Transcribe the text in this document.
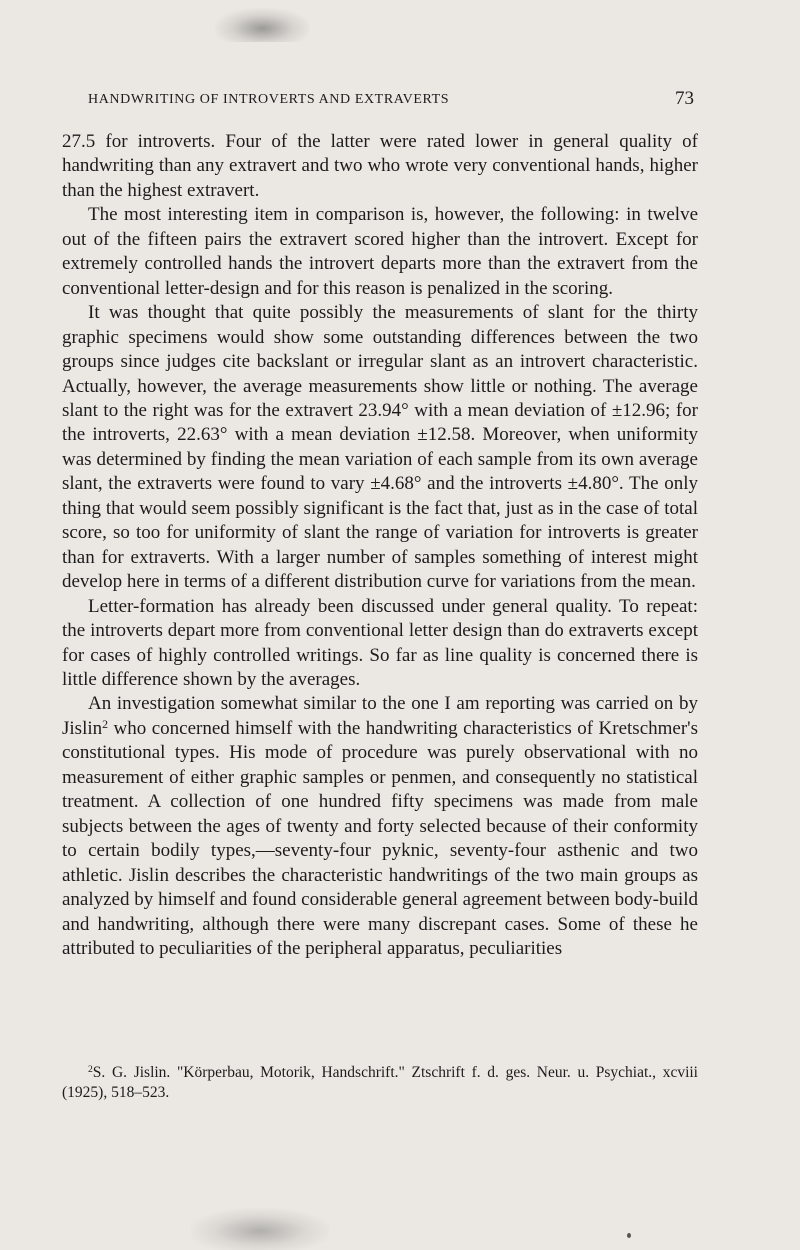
HANDWRITING OF INTROVERTS AND EXTRAVERTS	73

27.5 for introverts. Four of the latter were rated lower in general quality of handwriting than any extravert and two who wrote very conventional hands, higher than the highest extravert.

The most interesting item in comparison is, however, the following: in twelve out of the fifteen pairs the extravert scored higher than the introvert. Except for extremely controlled hands the introvert departs more than the extravert from the conventional letter-design and for this reason is penalized in the scoring.

It was thought that quite possibly the measurements of slant for the thirty graphic specimens would show some outstanding differences between the two groups since judges cite backslant or irregular slant as an introvert characteristic. Actually, however, the average measurements show little or nothing. The average slant to the right was for the extravert 23.94° with a mean deviation of ±12.96; for the introverts, 22.63° with a mean deviation ±12.58. Moreover, when uniformity was determined by finding the mean variation of each sample from its own average slant, the extraverts were found to vary ±4.68° and the introverts ±4.80°. The only thing that would seem possibly significant is the fact that, just as in the case of total score, so too for uniformity of slant the range of variation for introverts is greater than for extraverts. With a larger number of samples something of interest might develop here in terms of a different distribution curve for variations from the mean.

Letter-formation has already been discussed under general quality. To repeat: the introverts depart more from conventional letter design than do extraverts except for cases of highly controlled writings. So far as line quality is concerned there is little difference shown by the averages.

An investigation somewhat similar to the one I am reporting was carried on by Jislin$^2$ who concerned himself with the handwriting characteristics of Kretschmer's constitutional types. His mode of procedure was purely observational with no measurement of either graphic samples or penmen, and consequently no statistical treatment. A collection of one hundred fifty specimens was made from male subjects between the ages of twenty and forty selected because of their conformity to certain bodily types,—seventy-four pyknic, seventy-four asthenic and two athletic. Jislin describes the characteristic handwritings of the two main groups as analyzed by himself and found considerable general agreement between body-build and handwriting, although there were many discrepant cases. Some of these he attributed to peculiarities of the peripheral apparatus, peculiarities

$^2$S. G. Jislin. "Körperbau, Motorik, Handschrift." Ztschrift f. d. ges. Neur. u. Psychiat., xcviii (1925), 518–523.
